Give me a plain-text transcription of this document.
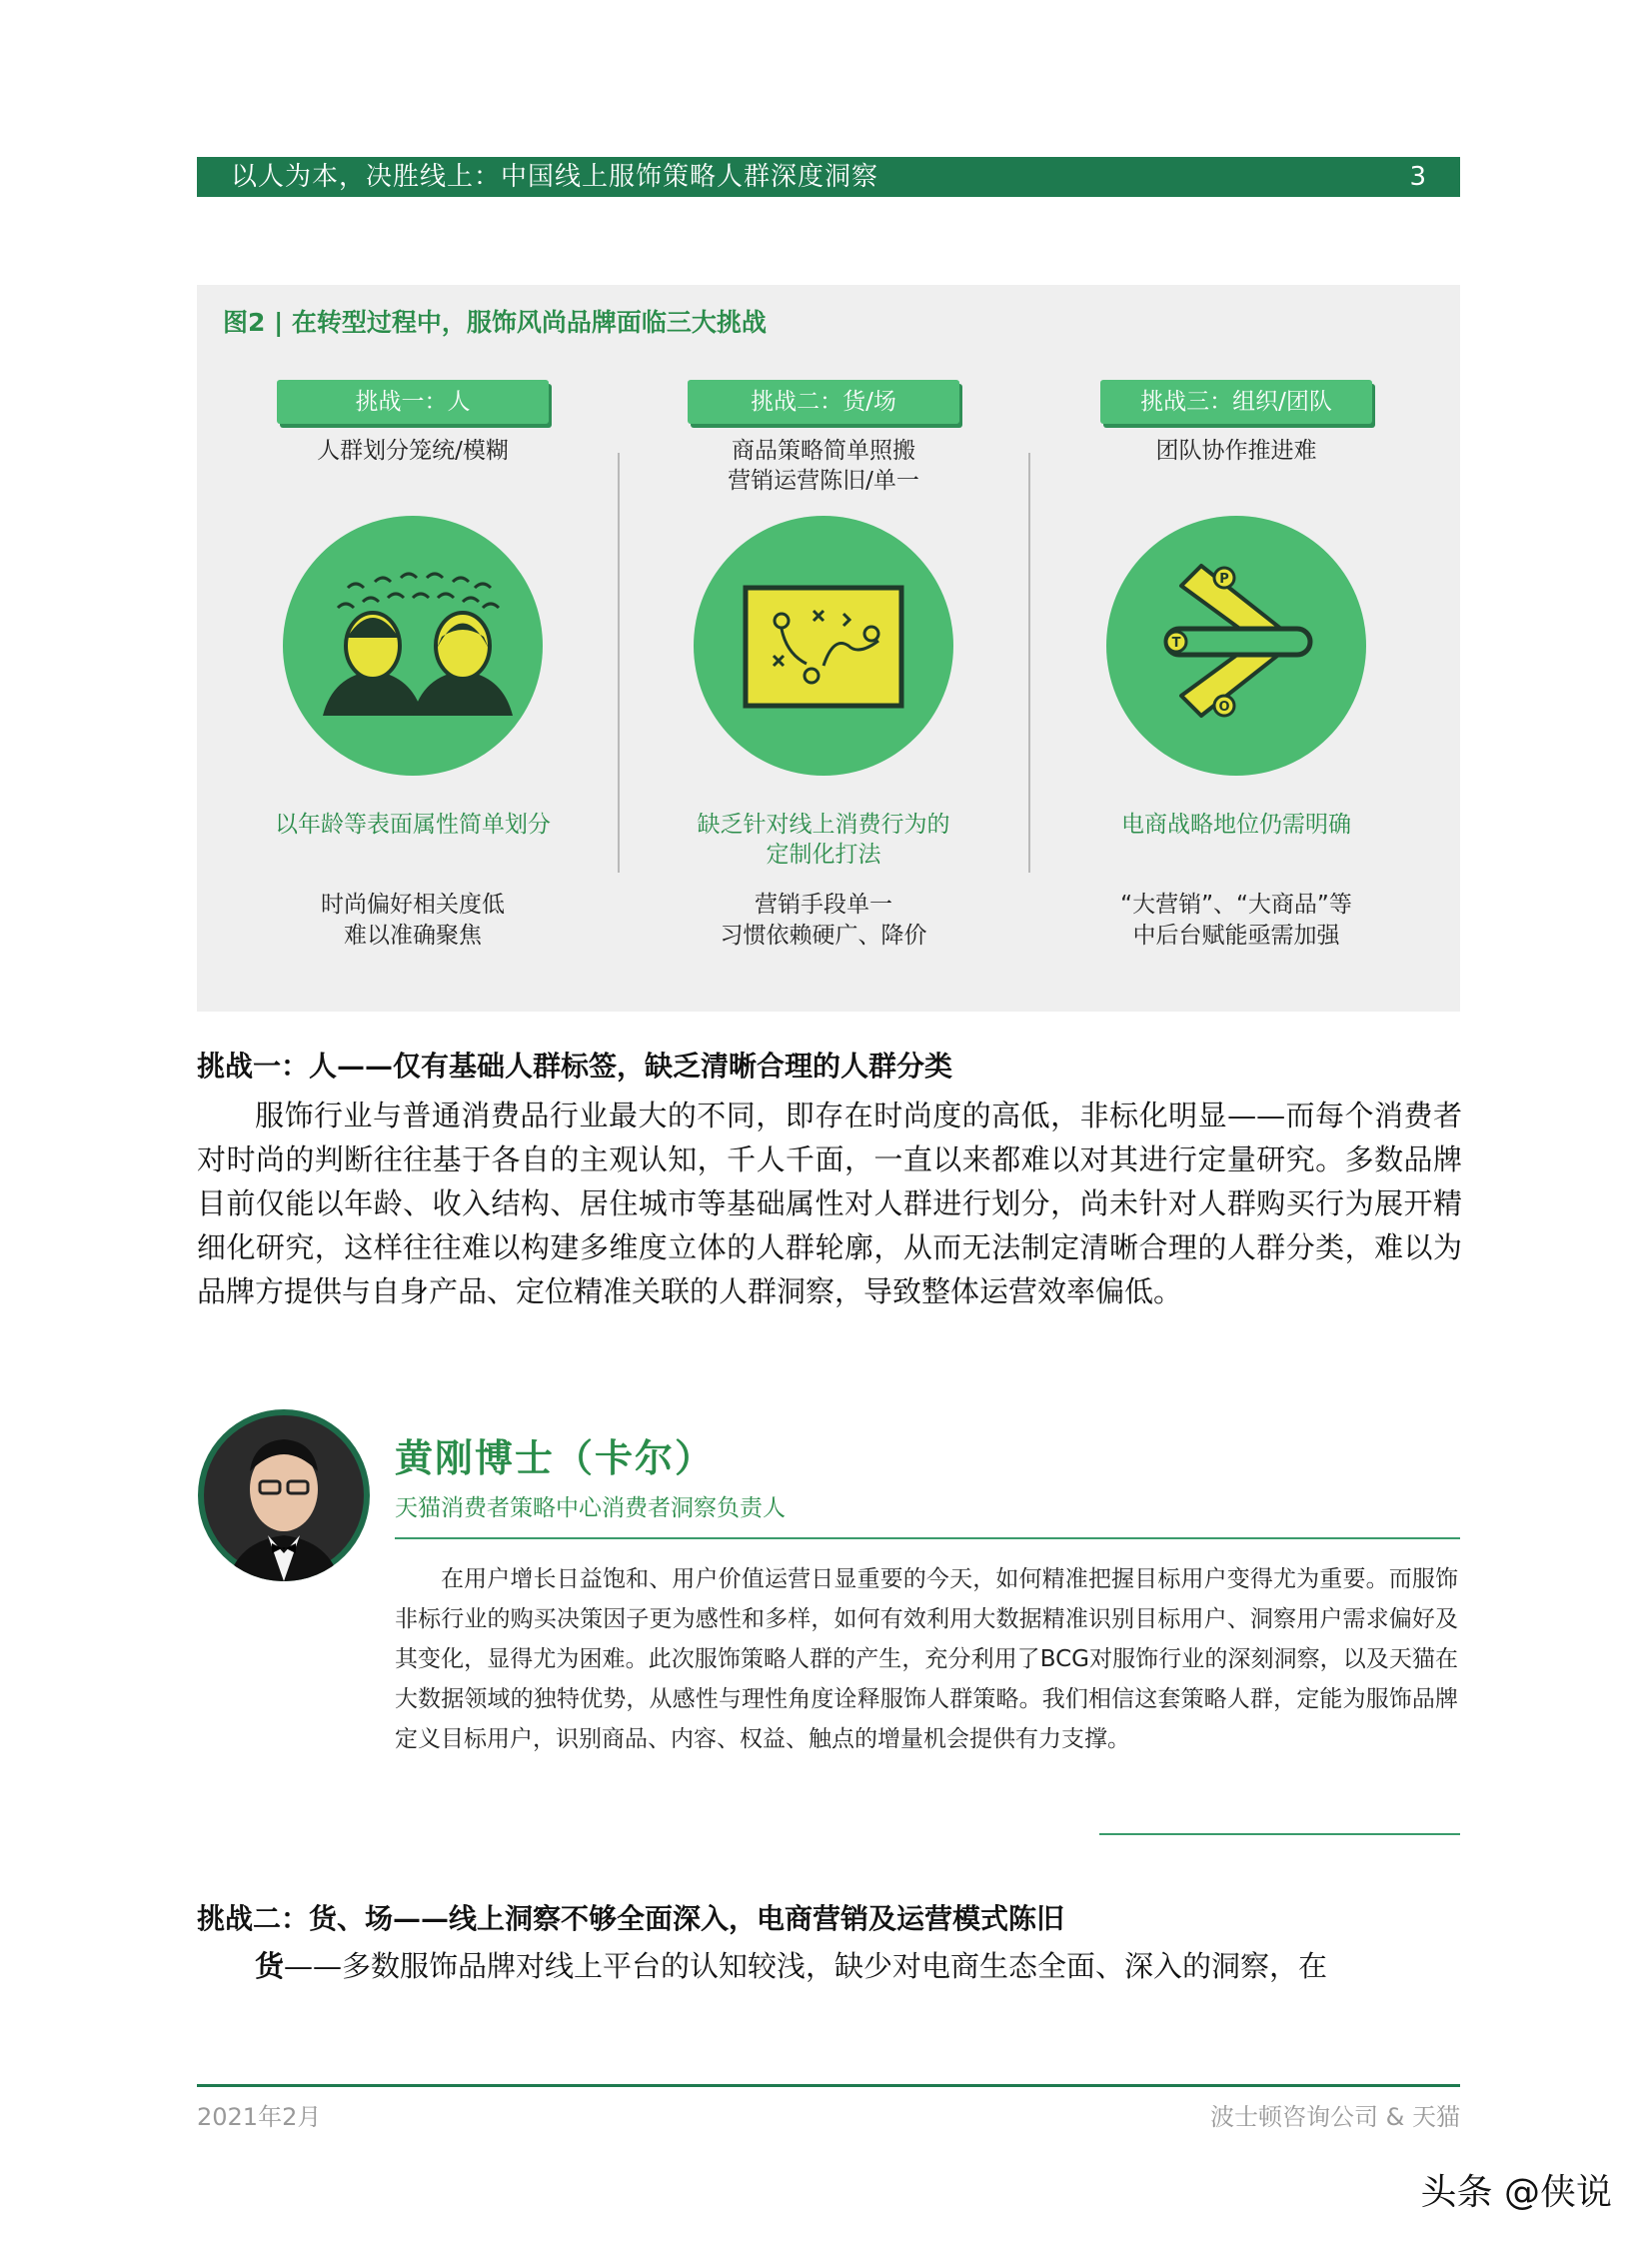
以人为本，决胜线上：中国线上服饰策略人群深度洞察	3
图2 | 在转型过程中，服饰风尚品牌面临三大挑战
挑战一：人
人群划分笼统/模糊
以年龄等表面属性简单划分
时尚偏好相关度低
难以准确聚焦
挑战二：货/场
商品策略简单照搬
营销运营陈旧/单一
缺乏针对线上消费行为的
定制化打法
营销手段单一
习惯依赖硬广、降价
挑战三：组织/团队
团队协作推进难
P
T
O
电商战略地位仍需明确
“大营销”、“大商品”等
中后台赋能亟需加强
挑战一：人——仅有基础人群标签，缺乏清晰合理的人群分类
服饰行业与普通消费品行业最大的不同，即存在时尚度的高低，非标化明显——而每个消费者对时尚的判断往往基于各自的主观认知，千人千面，一直以来都难以对其进行定量研究。多数品牌目前仅能以年龄、收入结构、居住城市等基础属性对人群进行划分，尚未针对人群购买行为展开精细化研究，这样往往难以构建多维度立体的人群轮廓，从而无法制定清晰合理的人群分类，难以为品牌方提供与自身产品、定位精准关联的人群洞察，导致整体运营效率偏低。
黄刚博士（卡尔）
天猫消费者策略中心消费者洞察负责人
在用户增长日益饱和、用户价值运营日显重要的今天，如何精准把握目标用户变得尤为重要。而服饰非标行业的购买决策因子更为感性和多样，如何有效利用大数据精准识别目标用户、洞察用户需求偏好及其变化，显得尤为困难。此次服饰策略人群的产生，充分利用了BCG对服饰行业的深刻洞察，以及天猫在大数据领域的独特优势，从感性与理性角度诠释服饰人群策略。我们相信这套策略人群，定能为服饰品牌定义目标用户，识别商品、内容、权益、触点的增量机会提供有力支撑。
挑战二：货、场——线上洞察不够全面深入，电商营销及运营模式陈旧
货——多数服饰品牌对线上平台的认知较浅，缺少对电商生态全面、深入的洞察，在
2021年2月	波士顿咨询公司 & 天猫
头条 @侠说
